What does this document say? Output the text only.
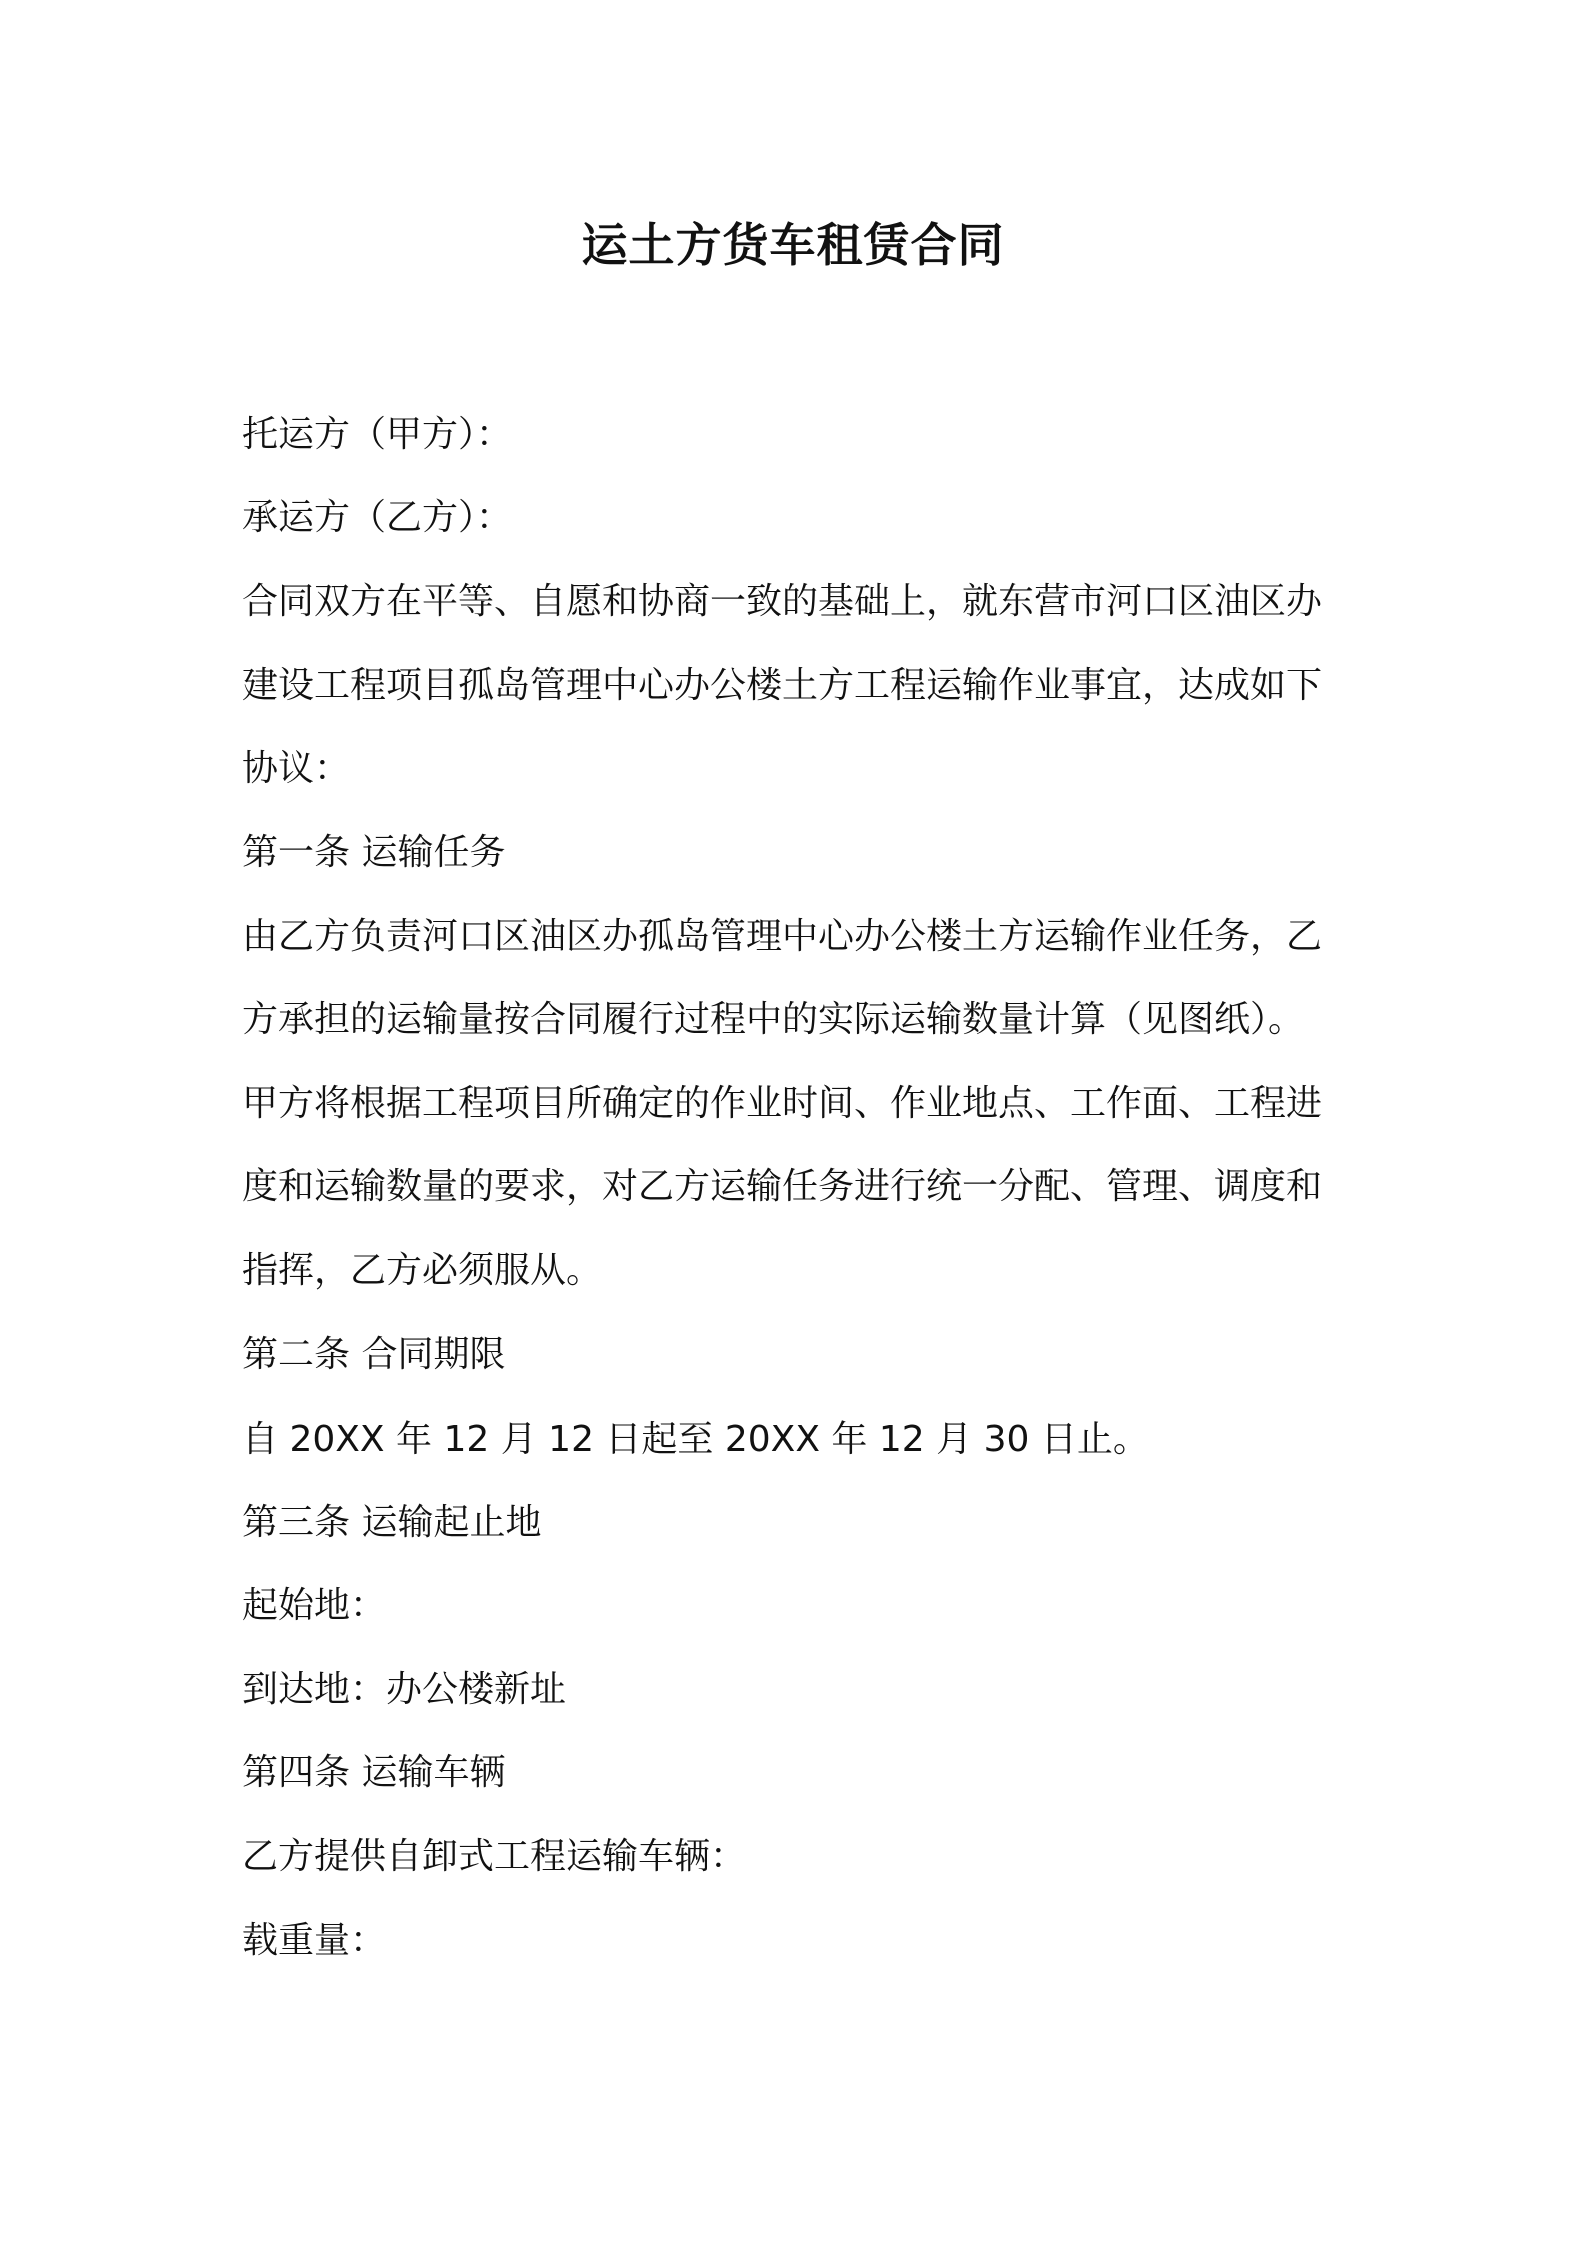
运土方货车租赁合同

托运方（甲方）：

承运方（乙方）：

合同双方在平等、自愿和协商一致的基础上，就东营市河口区油区办

建设工程项目孤岛管理中心办公楼土方工程运输作业事宜，达成如下

协议：

第一条 运输任务

由乙方负责河口区油区办孤岛管理中心办公楼土方运输作业任务，乙

方承担的运输量按合同履行过程中的实际运输数量计算（见图纸）。

甲方将根据工程项目所确定的作业时间、作业地点、工作面、工程进

度和运输数量的要求，对乙方运输任务进行统一分配、管理、调度和

指挥，乙方必须服从。

第二条 合同期限

自 20XX 年 12 月 12 日起至 20XX 年 12 月 30 日止。

第三条 运输起止地

起始地：

到达地：办公楼新址

第四条 运输车辆

乙方提供自卸式工程运输车辆：

载重量：
